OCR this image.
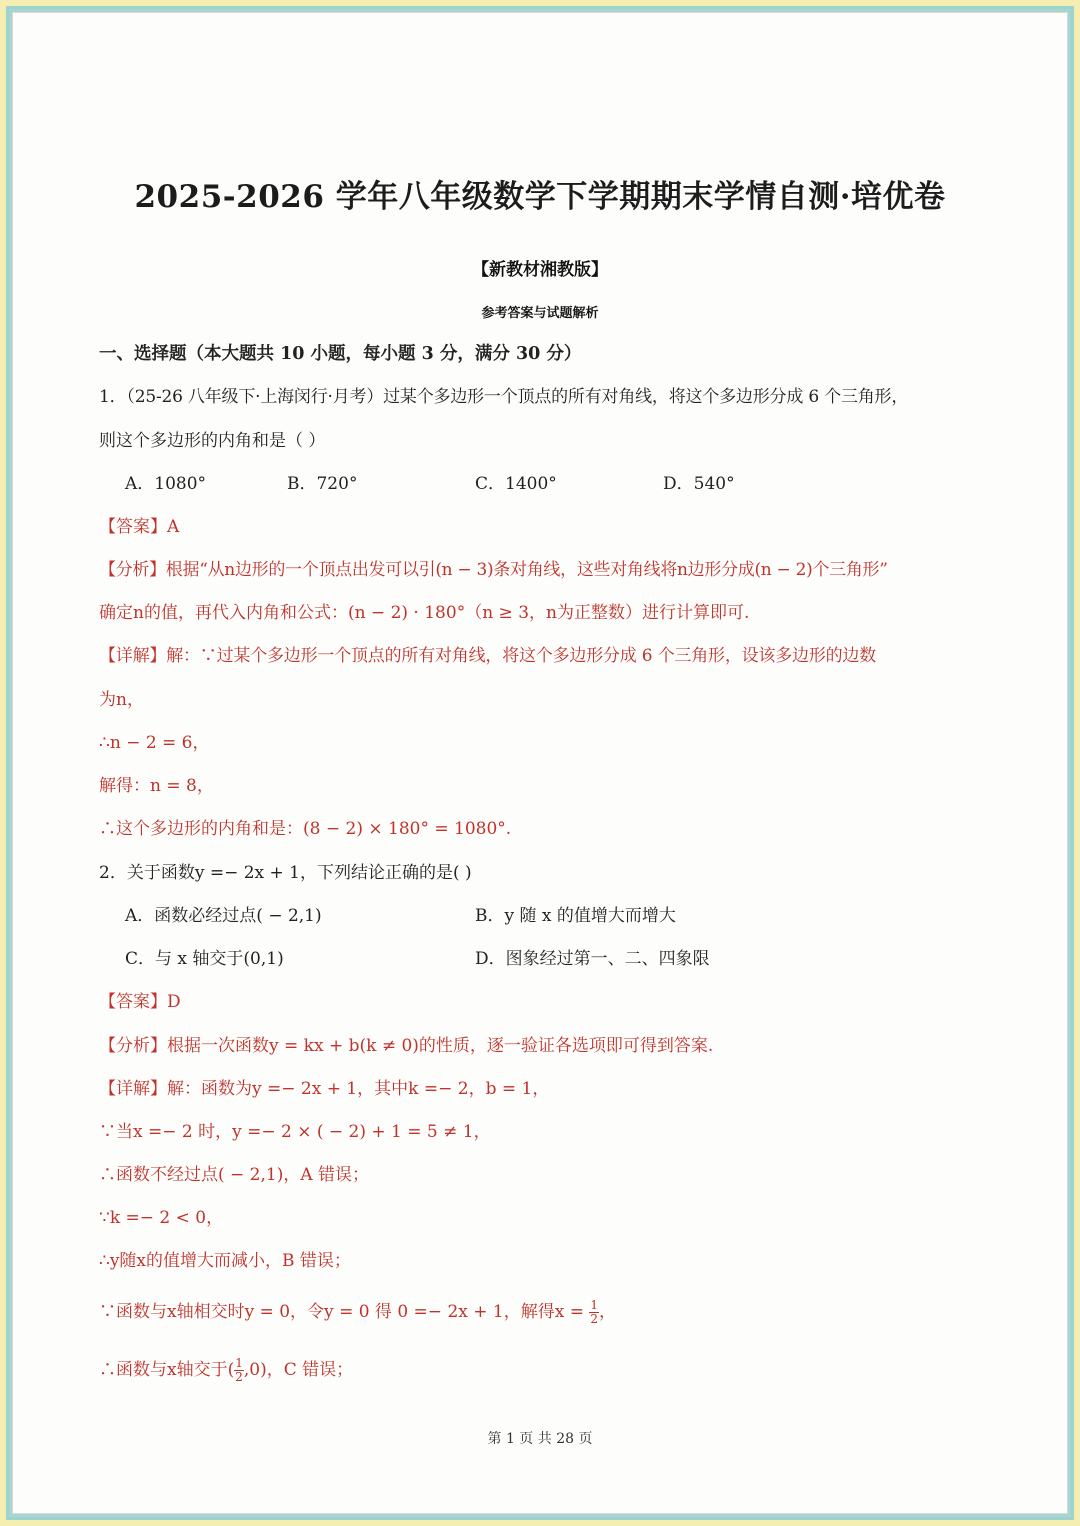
2025-2026 学年八年级数学下学期期末学情自测·培优卷
【新教材湘教版】
参考答案与试题解析
一、选择题（本大题共 10 小题，每小题 3 分，满分 30 分）
1．（25-26 八年级下·上海闵行·月考）过某个多边形一个顶点的所有对角线，将这个多边形分成 6 个三角形，
则这个多边形的内角和是（ ）
A．1080°	B．720°	C．1400°	D．540°
【答案】A
【分析】根据“从n边形的一个顶点出发可以引(n − 3)条对角线，这些对角线将n边形分成(n − 2)个三角形”
确定n的值，再代入内角和公式：(n − 2) · 180°（n ≥ 3，n为正整数）进行计算即可.
【详解】解：∵过某个多边形一个顶点的所有对角线，将这个多边形分成 6 个三角形，设该多边形的边数
为n，
∴n − 2 = 6，
解得：n = 8，
∴这个多边形的内角和是：(8 − 2) × 180° = 1080°.
2．关于函数y =− 2x + 1，下列结论正确的是( )
A．函数必经过点( − 2,1)	B．y 随 x 的值增大而增大
C．与 x 轴交于(0,1)	D．图象经过第一、二、四象限
【答案】D
【分析】根据一次函数y = kx + b(k ≠ 0)的性质，逐一验证各选项即可得到答案.
【详解】解：函数为y =− 2x + 1，其中k =− 2，b = 1，
∵当x =− 2 时，y =− 2 × ( − 2) + 1 = 5 ≠ 1，
∴函数不经过点( − 2,1)，A 错误；
∵k =− 2 < 0，
∴y随x的值增大而减小，B 错误；
∵函数与x轴相交时y = 0，令y = 0 得 0 =− 2x + 1，解得$x = \frac{1}{2}$ ，
∴函数与x轴交于( $\frac{1}{2} ,0$)，C 错误；
第 1 页 共 28 页
